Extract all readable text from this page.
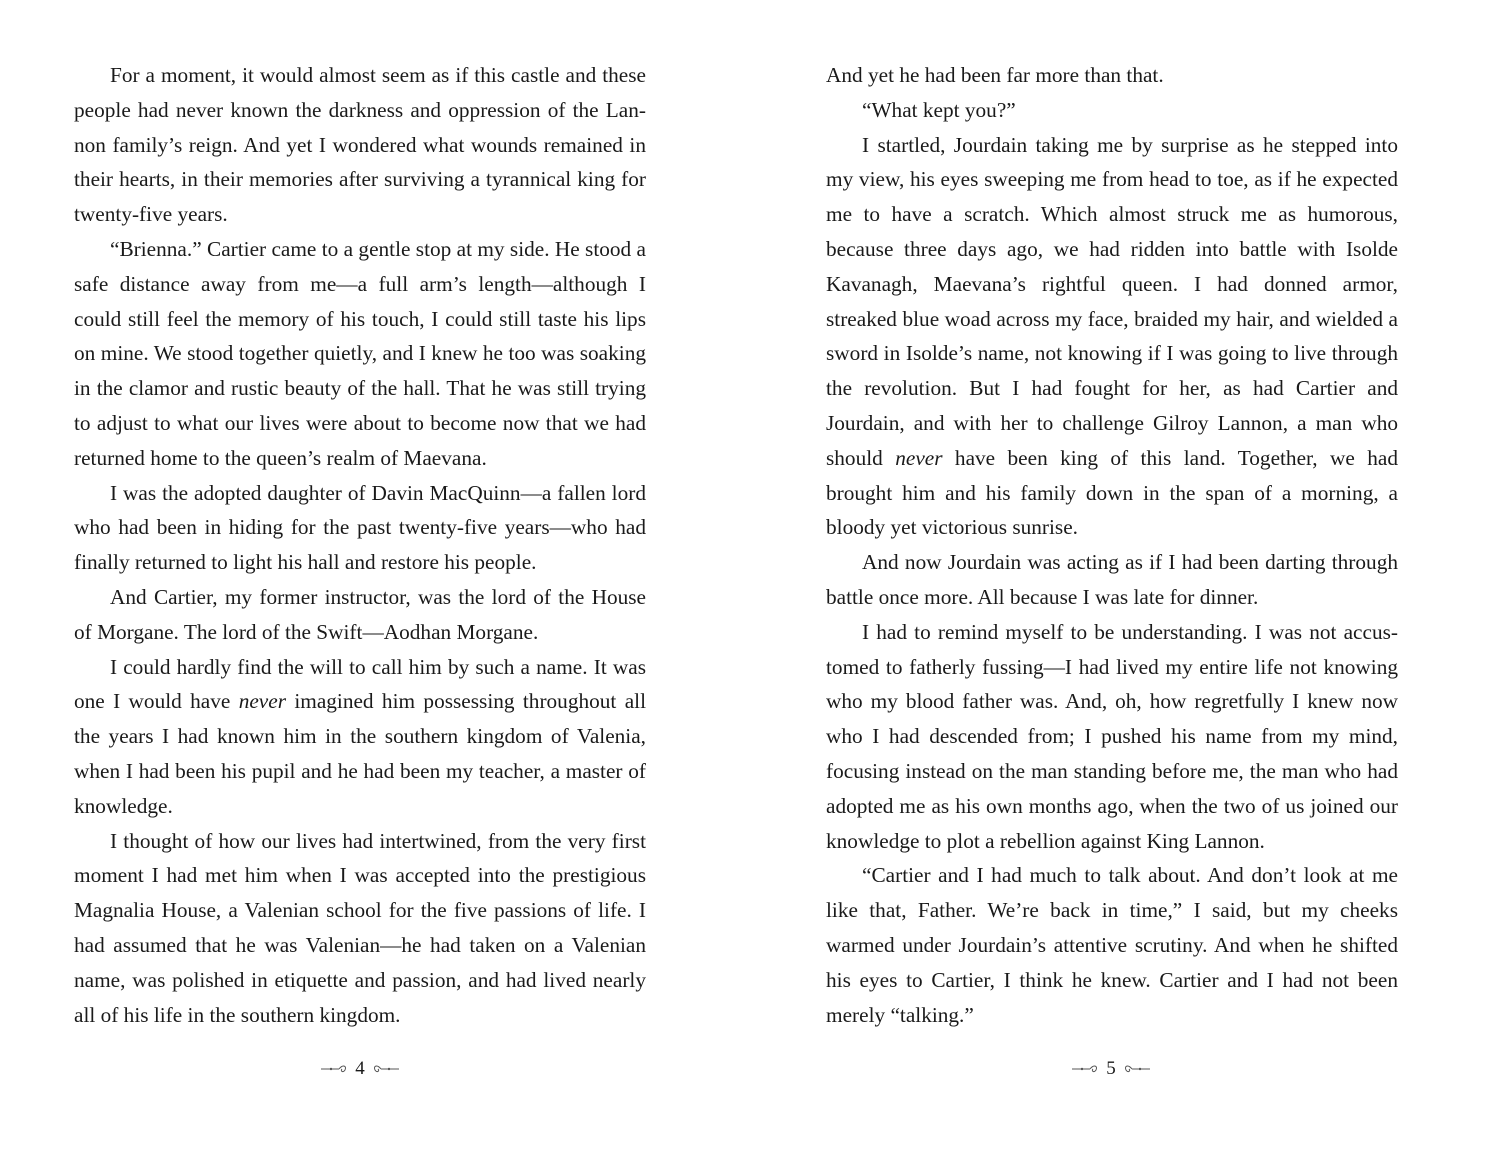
For a moment, it would almost seem as if this castle and these people had never known the darkness and oppression of the Lannon family’s reign. And yet I wondered what wounds remained in their hearts, in their memories after surviving a tyrannical king for twenty-five years.

“Brienna.” Cartier came to a gentle stop at my side. He stood a safe distance away from me—a full arm’s length—although I could still feel the memory of his touch, I could still taste his lips on mine. We stood together quietly, and I knew he too was soaking in the clamor and rustic beauty of the hall. That he was still trying to adjust to what our lives were about to become now that we had returned home to the queen’s realm of Maevana.

I was the adopted daughter of Davin MacQuinn—a fallen lord who had been in hiding for the past twenty-five years—who had finally returned to light his hall and restore his people.

And Cartier, my former instructor, was the lord of the House of Morgane. The lord of the Swift—Aodhan Morgane.

I could hardly find the will to call him by such a name. It was one I would have never imagined him possessing throughout all the years I had known him in the southern kingdom of Valenia, when I had been his pupil and he had been my teacher, a master of knowledge.

I thought of how our lives had intertwined, from the very first moment I had met him when I was accepted into the prestigious Magnalia House, a Valenian school for the five passions of life. I had assumed that he was Valenian—he had taken on a Valenian name, was polished in etiquette and passion, and had lived nearly all of his life in the southern kingdom.

And yet he had been far more than that.

“What kept you?”

I startled, Jourdain taking me by surprise as he stepped into my view, his eyes sweeping me from head to toe, as if he expected me to have a scratch. Which almost struck me as humorous, because three days ago, we had ridden into battle with Isolde Kavanagh, Maevana’s rightful queen. I had donned armor, streaked blue woad across my face, braided my hair, and wielded a sword in Isolde’s name, not knowing if I was going to live through the revolution. But I had fought for her, as had Cartier and Jourdain, and with her to challenge Gilroy Lannon, a man who should never have been king of this land. Together, we had brought him and his family down in the span of a morning, a bloody yet victorious sunrise.

And now Jourdain was acting as if I had been darting through battle once more. All because I was late for dinner.

I had to remind myself to be understanding. I was not accustomed to fatherly fussing—I had lived my entire life not knowing who my blood father was. And, oh, how regretfully I knew now who I had descended from; I pushed his name from my mind, focusing instead on the man standing before me, the man who had adopted me as his own months ago, when the two of us joined our knowledge to plot a rebellion against King Lannon.

“Cartier and I had much to talk about. And don’t look at me like that, Father. We’re back in time,” I said, but my cheeks warmed under Jourdain’s attentive scrutiny. And when he shifted his eyes to Cartier, I think he knew. Cartier and I had not been merely “talking.”

4	5
